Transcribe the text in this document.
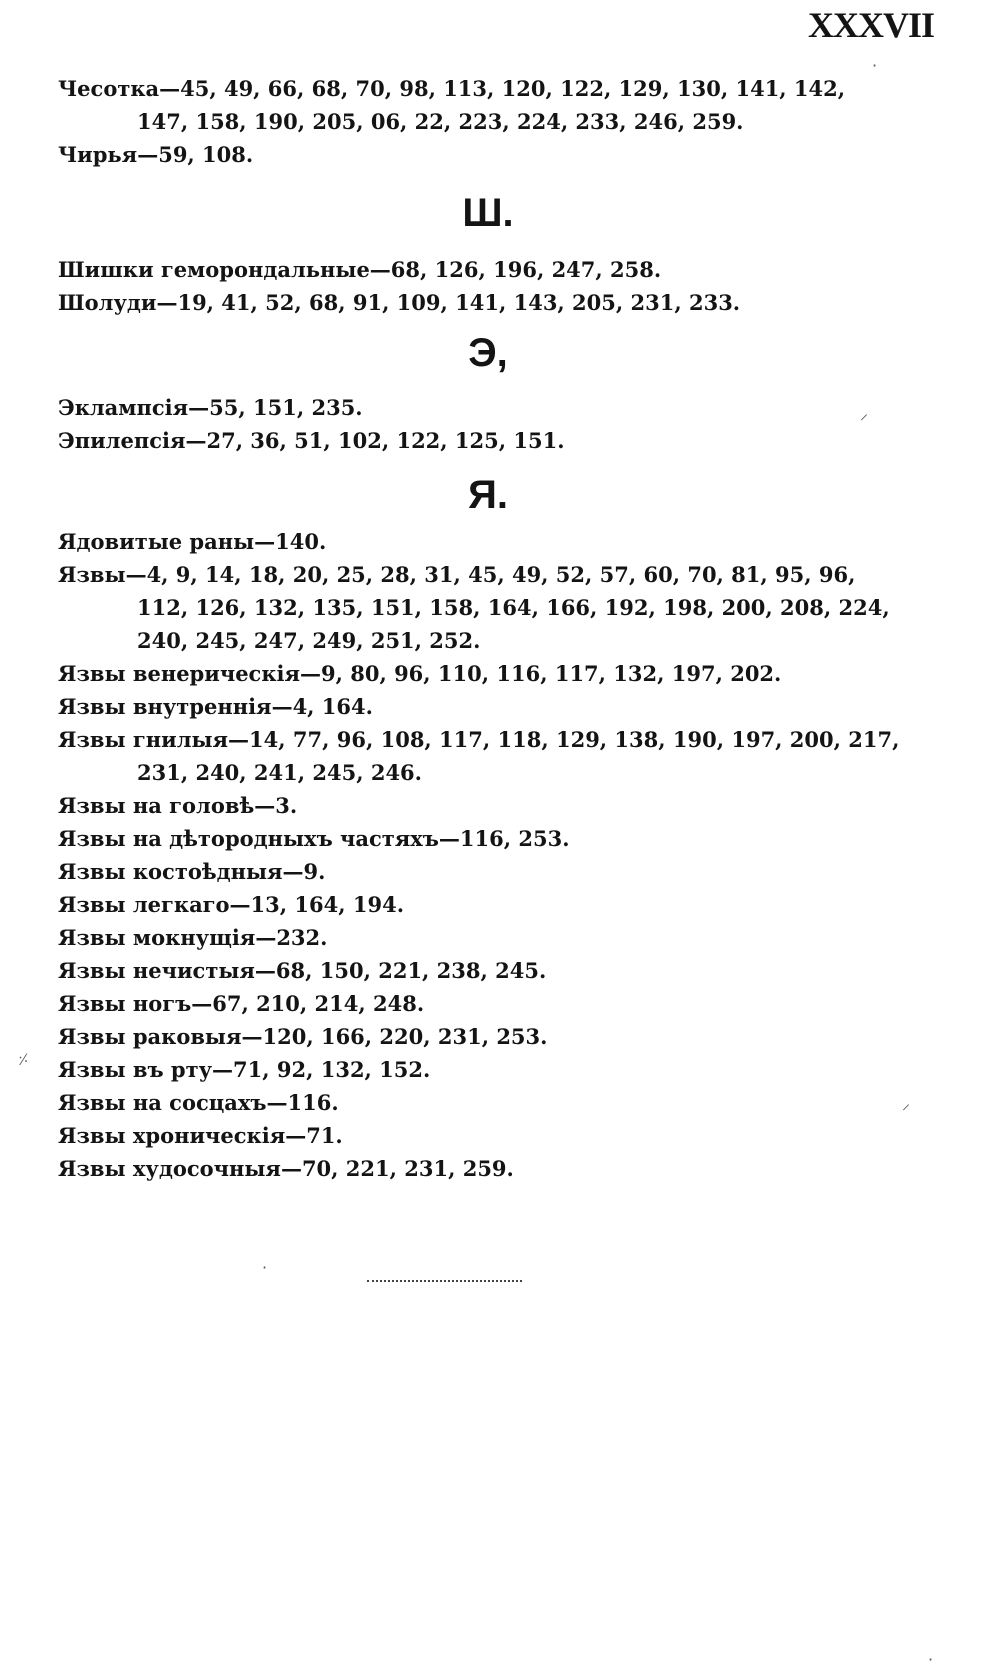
XXXVII

Чесотка—45, 49, 66, 68, 70, 98, 113, 120, 122, 129, 130, 141, 142,
147, 158, 190, 205, 06, 22, 223, 224, 233, 246, 259.

Чирья—59, 108.

Ш.

Шишки геморондальные—68, 126, 196, 247, 258.

Шолуди—19, 41, 52, 68, 91, 109, 141, 143, 205, 231, 233.

Э,

Эклампсія—55, 151, 235.

Эпилепсія—27, 36, 51, 102, 122, 125, 151.

Я.

Ядовитые раны—140.

Язвы—4, 9, 14, 18, 20, 25, 28, 31, 45, 49, 52, 57, 60, 70, 81, 95, 96,
112, 126, 132, 135, 151, 158, 164, 166, 192, 198, 200, 208, 224,
240, 245, 247, 249, 251, 252.

Язвы венерическія—9, 80, 96, 110, 116, 117, 132, 197, 202.

Язвы внутреннія—4, 164.

Язвы гнилыя—14, 77, 96, 108, 117, 118, 129, 138, 190, 197, 200, 217,
231, 240, 241, 245, 246.

Язвы на головѣ—3.

Язвы на дѣтородныхъ частяхъ—116, 253.

Язвы костоѣдныя—9.

Язвы легкаго—13, 164, 194.

Язвы мокнущія—232.

Язвы нечистыя—68, 150, 221, 238, 245.

Язвы ногъ—67, 210, 214, 248.

Язвы раковыя—120, 166, 220, 231, 253.

Язвы въ рту—71, 92, 132, 152.

Язвы на сосцахъ—116.

Язвы хроническія—71.

Язвы худосочныя—70, 221, 231, 259.

·
⸝
⸓
⸝
·
·
